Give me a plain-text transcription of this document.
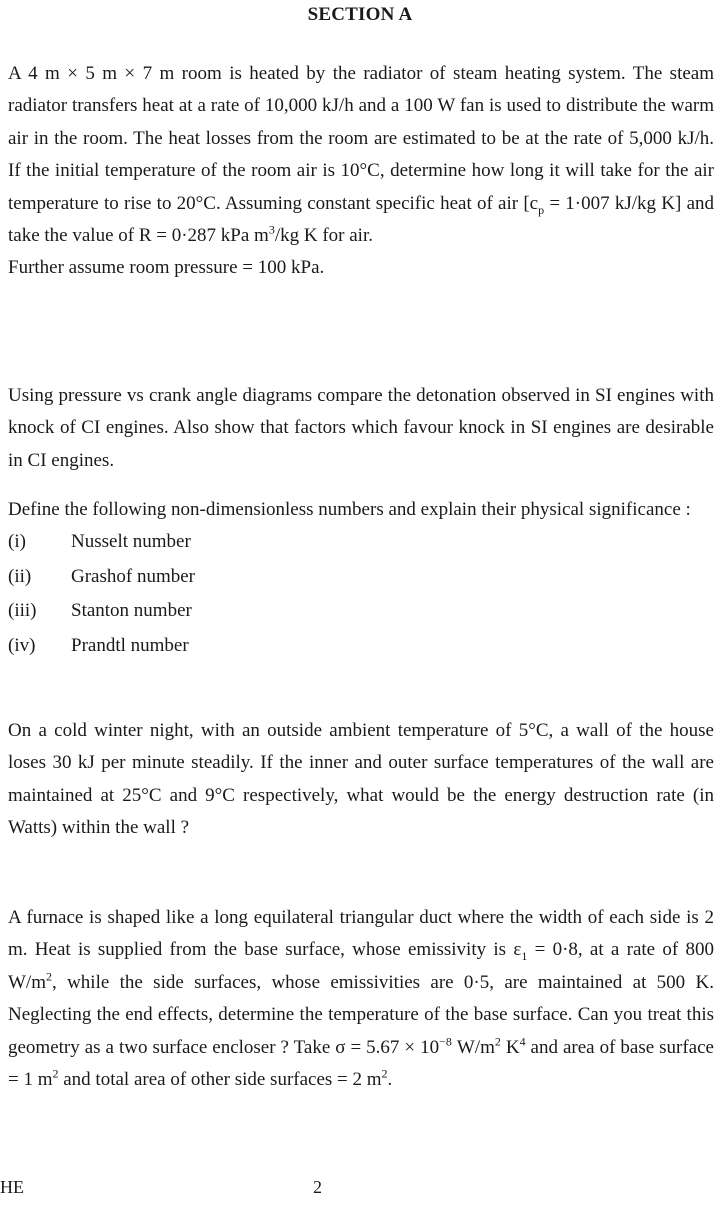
SECTION A

A 4 m × 5 m × 7 m room is heated by the radiator of steam heating system. The steam radiator transfers heat at a rate of 10,000 kJ/h and a 100 W fan is used to distribute the warm air in the room. The heat losses from the room are estimated to be at the rate of 5,000 kJ/h. If the initial temperature of the room air is 10°C, determine how long it will take for the air temperature to rise to 20°C. Assuming constant specific heat of air [$c_p = 1\cdot 007$ kJ/kg K] and take the value of R = 0·287 kPa $m^3/kg$ K for air.

Further assume room pressure = 100 kPa.

Using pressure vs crank angle diagrams compare the detonation observed in SI engines with knock of CI engines. Also show that factors which favour knock in SI engines are desirable in CI engines.

Define the following non-dimensionless numbers and explain their physical significance :

(i)	Nusselt number
(ii)	Grashof number
(iii)	Stanton number
(iv)	Prandtl number

On a cold winter night, with an outside ambient temperature of 5°C, a wall of the house loses 30 kJ per minute steadily. If the inner and outer surface temperatures of the wall are maintained at 25°C and 9°C respectively, what would be the energy destruction rate (in Watts) within the wall ?

A furnace is shaped like a long equilateral triangular duct where the width of each side is 2 m. Heat is supplied from the base surface, whose emissivity is $\varepsilon_1 = 0\cdot 8$, at a rate of 800 $W/m^2$, while the side surfaces, whose emissivities are 0·5, are maintained at 500 K. Neglecting the end effects, determine the temperature of the base surface. Can you treat this geometry as a two surface encloser ? Take $\sigma = 5.67 \times 10^{-8}$ $W/m^2$ $K^4$ and area of base surface = 1 $m^2$ and total area of other side surfaces = 2 $m^2$.

HE	2
